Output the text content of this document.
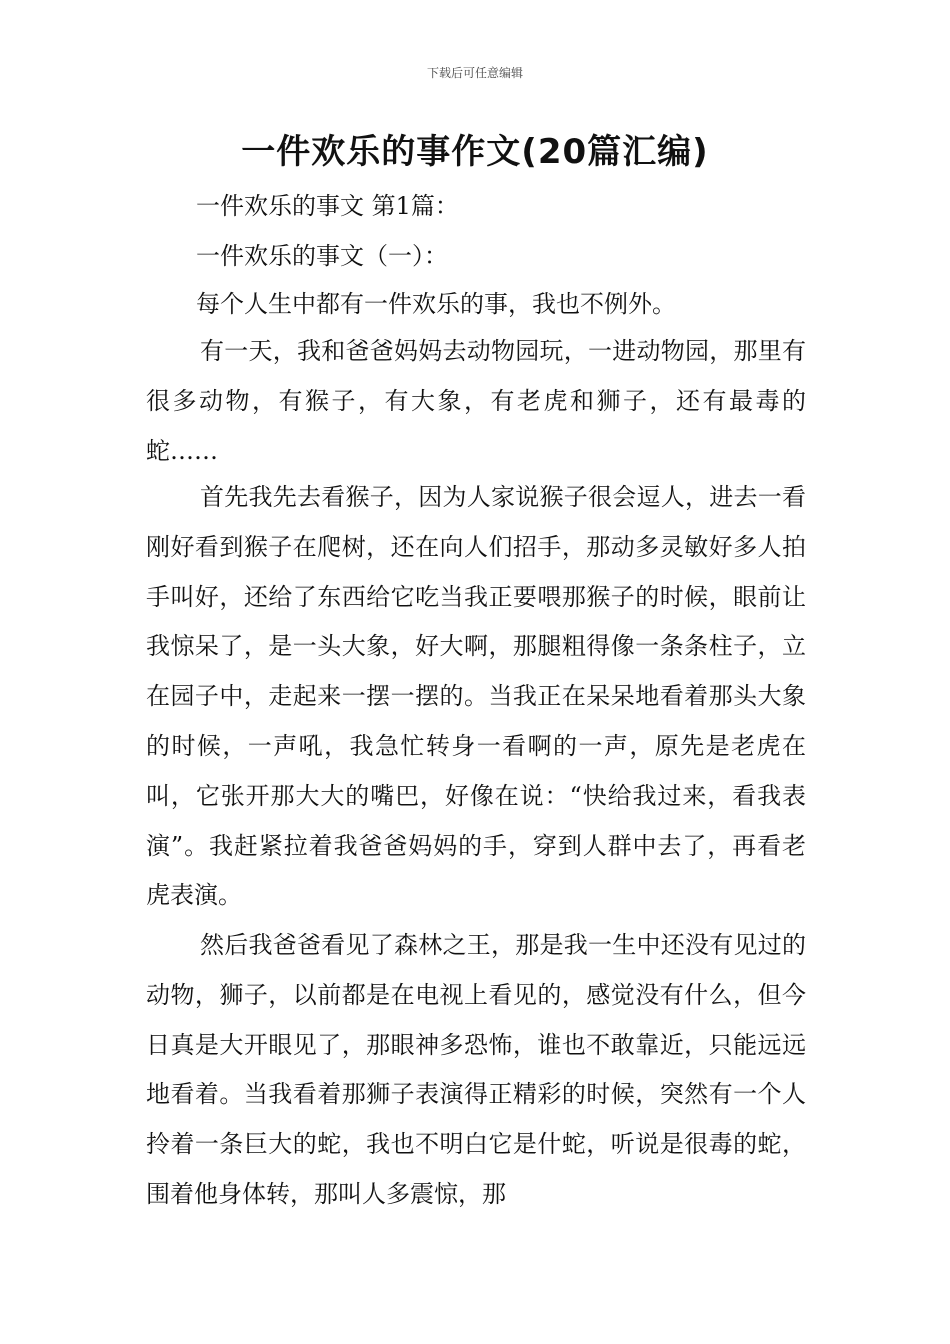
下载后可任意编辑
一件欢乐的事作文(20篇汇编)
一件欢乐的事文 第1篇：
一件欢乐的事文（一）：
每个人生中都有一件欢乐的事，我也不例外。
有一天，我和爸爸妈妈去动物园玩，一进动物园，那里有很多动物，有猴子，有大象，有老虎和狮子，还有最毒的蛇……
首先我先去看猴子，因为人家说猴子很会逗人，进去一看刚好看到猴子在爬树，还在向人们招手，那动多灵敏好多人拍手叫好，还给了东西给它吃当我正要喂那猴子的时候，眼前让我惊呆了，是一头大象，好大啊，那腿粗得像一条条柱子，立在园子中，走起来一摆一摆的。当我正在呆呆地看着那头大象的时候，一声吼，我急忙转身一看啊的一声，原先是老虎在叫，它张开那大大的嘴巴，好像在说：“快给我过来，看我表演”。我赶紧拉着我爸爸妈妈的手，穿到人群中去了，再看老虎表演。
然后我爸爸看见了森林之王，那是我一生中还没有见过的动物，狮子，以前都是在电视上看见的，感觉没有什么，但今日真是大开眼见了，那眼神多恐怖，谁也不敢靠近，只能远远地看着。当我看着那狮子表演得正精彩的时候，突然有一个人拎着一条巨大的蛇，我也不明白它是什蛇，听说是很毒的蛇，围着他身体转，那叫人多震惊，那
